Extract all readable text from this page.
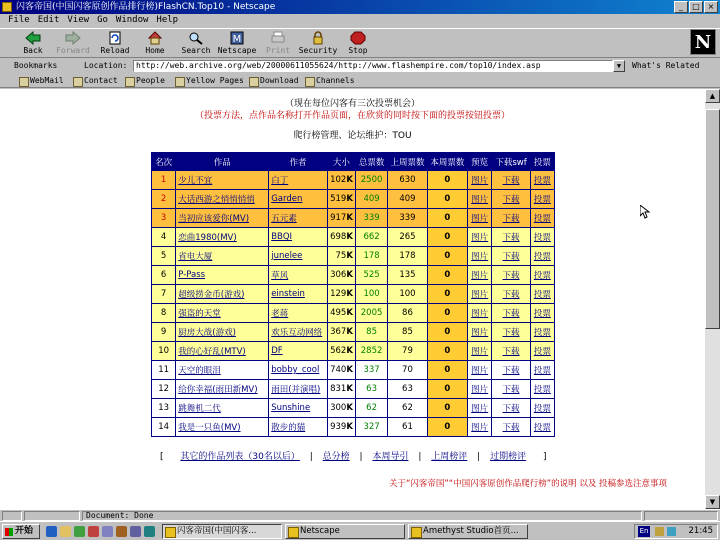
闪客帝国(中国闪客原创作品排行榜)FlashCN.Top10 - Netscape	_	□ ×
File Edit View Go Window Help
Back	Forward	Reload	Home	Search
M
Netscape	Print	Security	Stop	N
Bookmarks	Location:	http://web.archive.org/web/20000611055624/http://www.flashempire.com/top10/index.asp	▼	What's Related
WebMail	Contact	People	Yellow Pages	Download	Channels
（现在每位闪客有三次投票机会）
（投票方法，点作品名称打开作品页面，在欣赏的同时按下面的投票按钮投票）
爬行榜管理、论坛维护：TOU
名次	作品	作者	大小	总票数	上周票数	本周票数	预览	下载swf	投票
1	少儿不宜	白丁	102K	2500	630	0	图片	下载	投票
2	大话西游之悄悄悄悄	Garden	519K	409	409	0	图片	下载	投票
3	当初应该爱你(MV)	五元素	917K	339	339	0	图片	下载	投票
4	恋曲1980(MV)	BBQI	698K	662	265	0	图片	下载	投票
5	省电大厦	junelee	75K	178	178	0	图片	下载	投票
6	P-Pass	草风	306K	525	135	0	图片	下载	投票
7	超级捞金币(游戏)	einstein	129K	100	100	0	图片	下载	投票
8	强盗的天堂	老蒋	495K	2005	86	0	图片	下载	投票
9	厨房大战(游戏)	欢乐互动网络	367K	85	85	0	图片	下载	投票
10	我的心好乱(MTV)	DF	562K	2852	79	0	图片	下载	投票
11	天空的眼泪	bobby_cool	740K	337	70	0	图片	下载	投票
12	给你幸福(雨田新MV)	雨田(并演唱)	831K	63	63	0	图片	下载	投票
13	跳舞机二代	Sunshine	300K	62	62	0	图片	下载	投票
14	我是一只鱼(MV)	散步的猫	939K	327	61	0	图片	下载	投票
[ 其它的作品列表（30名以后） | 总分榜 | 本周导引 | 上周榜评 | 过期榜评 ]
关于“闪客帝国”“中国闪客原创作品爬行榜”的说明 以及 投稿参选注意事项
▲
▼
Document: Done
开始	闪客帝国(中国闪客...	Netscape	Amethyst Studio首页...	En	21:45
